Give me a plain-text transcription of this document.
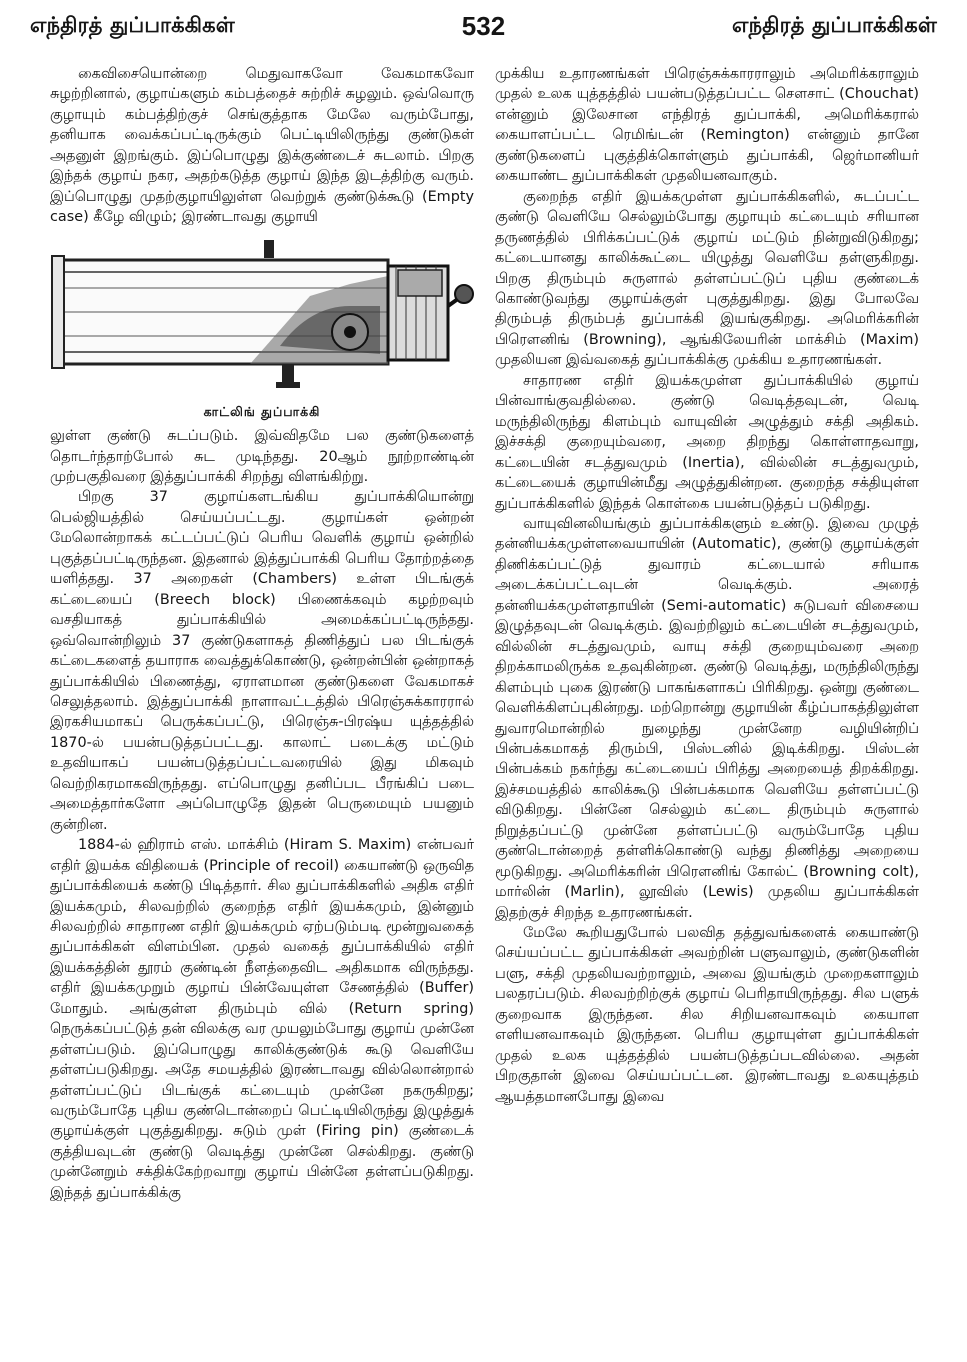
எந்திரத் துப்பாக்கிகள்	532	எந்திரத் துப்பாக்கிகள்

கைவிசையொன்றை மெதுவாகவோ வேகமாகவோ சுழற்றினால், குழாய்களும் கம்பத்தைச் சுற்றிச் சுழலும். ஒவ்வொரு குழாயும் கம்பத்திற்குச் செங்குத்தாக மேலே வரும்போது, தனியாக வைக்கப்பட்டிருக்கும் பெட்டியிலிருந்து குண்டுகள் அதனுள் இறங்கும். இப்பொழுது இக்குண்டைச் சுடலாம். பிறகு இந்தக் குழாய் நகர, அதற்கடுத்த குழாய் இந்த இடத்திற்கு வரும். இப்பொழுது முதற்குழாயிலுள்ள வெற்றுக் குண்டுக்கூடு (Empty case) கீழே விழும்; இரண்டாவது குழாயி

காட்லிங் துப்பாக்கி

லுள்ள குண்டு சுடப்படும். இவ்விதமே பல குண்டுகளைத் தொடர்ந்தாற்போல் சுட முடிந்தது. 20ஆம் நூற்றாண்டின் முற்பகுதிவரை இத்துப்பாக்கி சிறந்து விளங்கிற்று.

பிறகு 37 குழாய்களடங்கிய துப்பாக்கியொன்று பெல்ஜியத்தில் செய்யப்பட்டது. குழாய்கள் ஒன்றன் மேலொன்றாகக் கட்டப்பட்டுப் பெரிய வெளிக் குழாய் ஒன்றில் புகுத்தப்பட்டிருந்தன. இதனால் இத்துப்பாக்கி பெரிய தோற்றத்தை யளித்தது. 37 அறைகள் (Chambers) உள்ள பிடங்குக் கட்டையைப் (Breech block) பிணைக்கவும் கழற்றவும் வசதியாகத் துப்பாக்கியில் அமைக்கப்பட்டிருந்தது. ஒவ்வொன்றிலும் 37 குண்டுகளாகத் திணித்துப் பல பிடங்குக் கட்டைகளைத் தயாராக வைத்துக்கொண்டு, ஒன்றன்பின் ஒன்றாகத் துப்பாக்கியில் பிணைத்து, ஏராளமான குண்டுகளை வேகமாகச் செலுத்தலாம். இத்துப்பாக்கி நாளாவட்டத்தில் பிரெஞ்சுக்காரரால் இரகசியமாகப் பெருக்கப்பட்டு, பிரெஞ்சு-பிரஷ்ய யுத்தத்தில் 1870-ல் பயன்படுத்தப்பட்டது. காலாட் படைக்கு மட்டும் உதவியாகப் பயன்படுத்தப்பட்டவரையில் இது மிகவும் வெற்றிகரமாகவிருந்தது. எப்பொழுது தனிப்பட பீரங்கிப் படை அமைத்தார்களோ அப்பொழுதே இதன் பெருமையும் பயனும் குன்றின.

1884-ல் ஹிராம் எஸ். மாக்சிம் (Hiram S. Maxim) என்பவர் எதிர் இயக்க விதியைக் (Principle of recoil) கையாண்டு ஒருவித துப்பாக்கியைக் கண்டு பிடித்தார். சில துப்பாக்கிகளில் அதிக எதிர் இயக்கமும், சிலவற்றில் குறைந்த எதிர் இயக்கமும், இன்னும் சிலவற்றில் சாதாரண எதிர் இயக்கமும் ஏற்படும்படி மூன்றுவகைத் துப்பாக்கிகள் விளம்பின. முதல் வகைத் துப்பாக்கியில் எதிர் இயக்கத்தின் தூரம் குண்டின் நீளத்தைவிட அதிகமாக விருந்தது. எதிர் இயக்கமுறும் குழாய் பின்வேயுள்ள சேணத்தில் (Buffer) மோதும். அங்குள்ள திரும்பும் வில் (Return spring) நெருக்கப்பட்டுத் தன் விலக்கு வர முயலும்போது குழாய் முன்னே தள்ளப்படும். இப்பொழுது காலிக்குண்டுக் கூடு வெளியே தள்ளப்படுகிறது. அதே சமயத்தில் இரண்டாவது வில்லொன்றால் தள்ளப்பட்டுப் பிடங்குக் கட்டையும் முன்னே நகருகிறது; வரும்போதே புதிய குண்டொன்றைப் பெட்டியிலிருந்து இழுத்துக் குழாய்க்குள் புகுத்துகிறது. சுடும் முள் (Firing pin) குண்டைக் குத்தியவுடன் குண்டு வெடித்து முன்னே செல்கிறது. குண்டு முன்னேறும் சக்திக்கேற்றவாறு குழாய் பின்னே தள்ளப்படுகிறது. இந்தத் துப்பாக்கிக்கு

முக்கிய உதாரணங்கள் பிரெஞ்சுக்காரராலும் அமெரிக்கராலும் முதல் உலக யுத்தத்தில் பயன்படுத்தப்பட்ட சௌசாட் (Chouchat) என்னும் இலேசான எந்திரத் துப்பாக்கி, அமெரிக்கரால் கையாளப்பட்ட ரெமிங்டன் (Remington) என்னும் தானே குண்டுகளைப் புகுத்திக்கொள்ளும் துப்பாக்கி, ஜெர்மானியர் கையாண்ட துப்பாக்கிகள் முதலியனவாகும்.

குறைந்த எதிர் இயக்கமுள்ள துப்பாக்கிகளில், சுடப்பட்ட குண்டு வெளியே செல்லும்போது குழாயும் கட்டையும் சரியான தருணத்தில் பிரிக்கப்பட்டுக் குழாய் மட்டும் நின்றுவிடுகிறது; கட்டையானது காலிக்கூட்டை யிழுத்து வெளியே தள்ளுகிறது. பிறகு திரும்பும் சுருளால் தள்ளப்பட்டுப் புதிய குண்டைக் கொண்டுவந்து குழாய்க்குள் புகுத்துகிறது. இது போலவே திரும்பத் திரும்பத் துப்பாக்கி இயங்குகிறது. அமெரிக்கரின் பிரௌனிங் (Browning), ஆங்கிலேயரின் மாக்சிம் (Maxim) முதலியன இவ்வகைத் துப்பாக்கிக்கு முக்கிய உதாரணங்கள்.

சாதாரண எதிர் இயக்கமுள்ள துப்பாக்கியில் குழாய் பின்வாங்குவதில்லை. குண்டு வெடித்தவுடன், வெடி மருந்திலிருந்து கிளம்பும் வாயுவின் அழுத்தும் சக்தி அதிகம். இச்சக்தி குறையும்வரை, அறை திறந்து கொள்ளாதவாறு, கட்டையின் சடத்துவமும் (Inertia), வில்லின் சடத்துவமும், கட்டையைக் குழாயின்மீது அழுத்துகின்றன. குறைந்த சக்தியுள்ள துப்பாக்கிகளில் இந்தக் கொள்கை பயன்படுத்தப் படுகிறது.

வாயுவினலியங்கும் துப்பாக்கிகளும் உண்டு. இவை முழுத் தன்னியக்கமுள்ளவையாயின் (Automatic), குண்டு குழாய்க்குள் திணிக்கப்பட்டுத் துவாரம் கட்டையால் சரியாக அடைக்கப்பட்டவுடன் வெடிக்கும். அரைத் தன்னியக்கமுள்ளதாயின் (Semi-automatic) சுடுபவர் விசையை இழுத்தவுடன் வெடிக்கும். இவற்றிலும் கட்டையின் சடத்துவமும், வில்லின் சடத்துவமும், வாயு சக்தி குறையும்வரை அறை திறக்காமலிருக்க உதவுகின்றன. குண்டு வெடித்து, மருந்திலிருந்து கிளம்பும் புகை இரண்டு பாகங்களாகப் பிரிகிறது. ஒன்று குண்டை வெளிக்கிளப்புகின்றது. மற்றொன்று குழாயின் கீழ்ப்பாகத்திலுள்ள துவாரமொன்றில் நுழைந்து முன்னேற வழியின்றிப் பின்பக்கமாகத் திரும்பி, பிஸ்டனில் இடிக்கிறது. பிஸ்டன் பின்பக்கம் நகர்ந்து கட்டையைப் பிரித்து அறையைத் திறக்கிறது. இச்சமயத்தில் காலிக்கூடு பின்பக்கமாக வெளியே தள்ளப்பட்டு விடுகிறது. பின்னே செல்லும் கட்டை திரும்பும் சுருளால் நிறுத்தப்பட்டு முன்னே தள்ளப்பட்டு வரும்போதே புதிய குண்டொன்றைத் தள்ளிக்கொண்டு வந்து திணித்து அறையை மூடுகிறது. அமெரிக்கரின் பிரௌனிங் கோல்ட் (Browning colt), மார்லின் (Marlin), லூவிஸ் (Lewis) முதலிய துப்பாக்கிகள் இதற்குச் சிறந்த உதாரணங்கள்.

மேலே கூறியதுபோல் பலவித தத்துவங்களைக் கையாண்டு செய்யப்பட்ட துப்பாக்கிகள் அவற்றின் பளுவாலும், குண்டுகளின் பளு, சக்தி முதலியவற்றாலும், அவை இயங்கும் முறைகளாலும் பலதரப்படும். சிலவற்றிற்குக் குழாய் பெரிதாயிருந்தது. சில பளுக் குறைவாக இருந்தன. சில சிறியனவாகவும் கையாள எளியனவாகவும் இருந்தன. பெரிய குழாயுள்ள துப்பாக்கிகள் முதல் உலக யுத்தத்தில் பயன்படுத்தப்படவில்லை. அதன் பிறகுதான் இவை செய்யப்பட்டன. இரண்டாவது உலகயுத்தம் ஆயத்தமானபோது இவை
